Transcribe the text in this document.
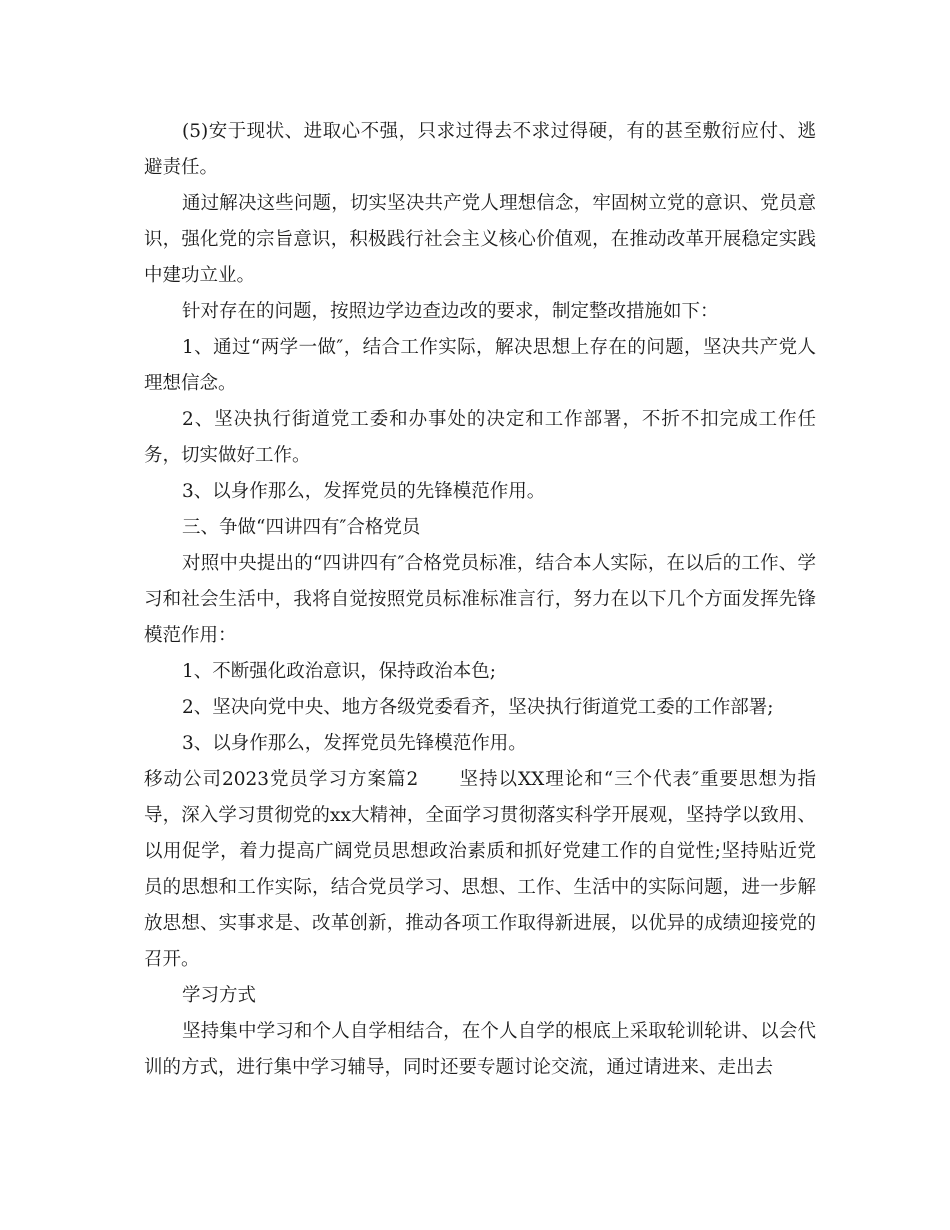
(5)安于现状、进取心不强，只求过得去不求过得硬，有的甚至敷衍应付、逃避责任。

通过解决这些问题，切实坚决共产党人理想信念，牢固树立党的意识、党员意识，强化党的宗旨意识，积极践行社会主义核心价值观，在推动改革开展稳定实践中建功立业。

针对存在的问题，按照边学边查边改的要求，制定整改措施如下：

1、通过“两学一做″，结合工作实际，解决思想上存在的问题，坚决共产党人理想信念。

2、坚决执行街道党工委和办事处的决定和工作部署，不折不扣完成工作任务，切实做好工作。

3、以身作那么，发挥党员的先锋模范作用。

三、争做“四讲四有″合格党员

对照中央提出的“四讲四有″合格党员标准，结合本人实际，在以后的工作、学习和社会生活中，我将自觉按照党员标准标准言行，努力在以下几个方面发挥先锋模范作用：

1、不断强化政治意识，保持政治本色;

2、坚决向党中央、地方各级党委看齐，坚决执行街道党工委的工作部署;

3、以身作那么，发挥党员先锋模范作用。

移动公司2023党员学习方案篇2 坚持以XX理论和“三个代表″重要思想为指导，深入学习贯彻党的xx大精神，全面学习贯彻落实科学开展观，坚持学以致用、以用促学，着力提高广阔党员思想政治素质和抓好党建工作的自觉性;坚持贴近党员的思想和工作实际，结合党员学习、思想、工作、生活中的实际问题，进一步解放思想、实事求是、改革创新，推动各项工作取得新进展，以优异的成绩迎接党的召开。

学习方式

坚持集中学习和个人自学相结合，在个人自学的根底上采取轮训轮讲、以会代训的方式，进行集中学习辅导，同时还要专题讨论交流，通过请进来、走出去
